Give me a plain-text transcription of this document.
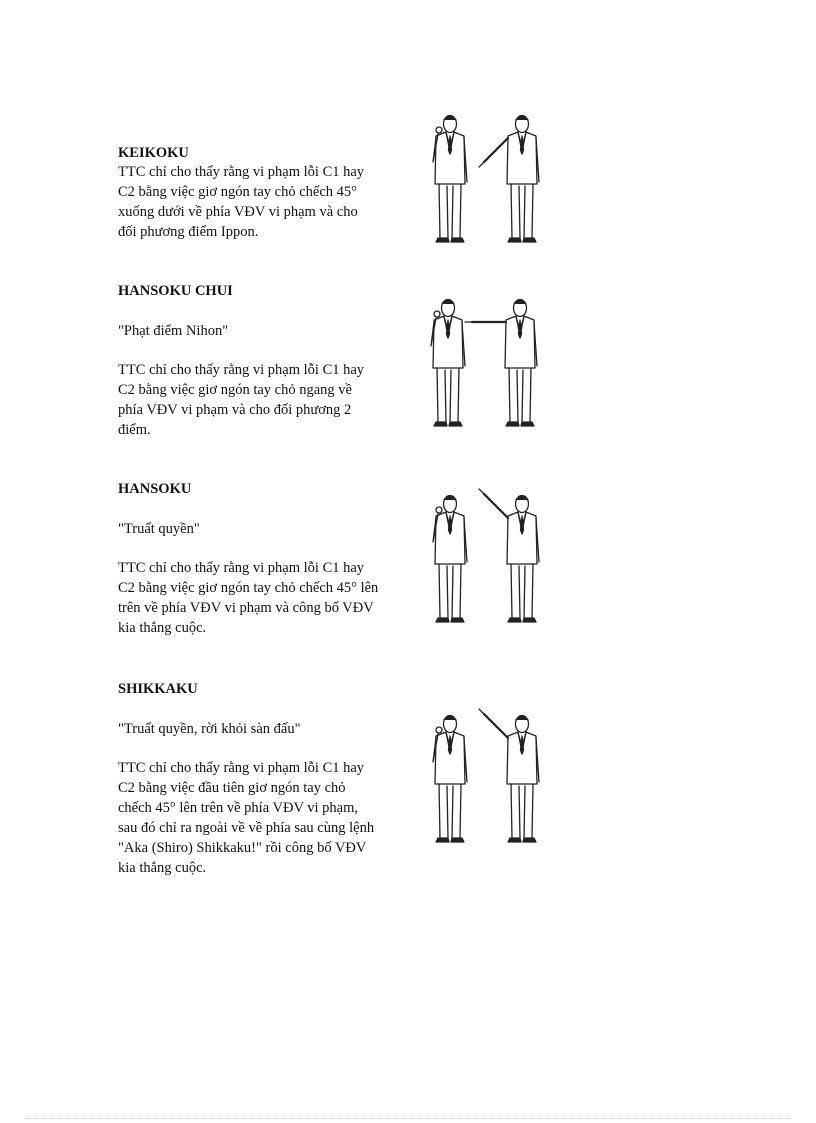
KEIKOKU

TTC chỉ cho thấy rằng vi phạm lỗi C1 hay
C2 bằng việc giơ ngón tay chỏ chếch 45°
xuống dưới về phía VĐV vi phạm và cho
đối phương điểm Ippon.

HANSOKU CHUI

"Phạt điểm Nihon"

TTC chỉ cho thấy rằng vi phạm lỗi C1 hay
C2 bằng việc giơ ngón tay chỏ ngang về
phía VĐV vi phạm và cho đối phương 2
điểm.

HANSOKU

"Truất quyền"

TTC chỉ cho thấy rằng vi phạm lỗi C1 hay
C2 bằng việc giơ ngón tay chỏ chếch 45° lên
trên về phía VĐV vi phạm và công bố VĐV
kia thắng cuộc.

SHIKKAKU

"Truất quyền, rời khỏi sàn đấu"

TTC chỉ cho thấy rằng vi phạm lỗi C1 hay
C2 bằng việc đầu tiên giơ ngón tay chỏ
chếch 45° lên trên về phía VĐV vi phạm,
sau đó chỉ ra ngoài về về phía sau cùng lệnh
"Aka (Shiro) Shikkaku!" rồi công bố VĐV
kia thắng cuộc.
